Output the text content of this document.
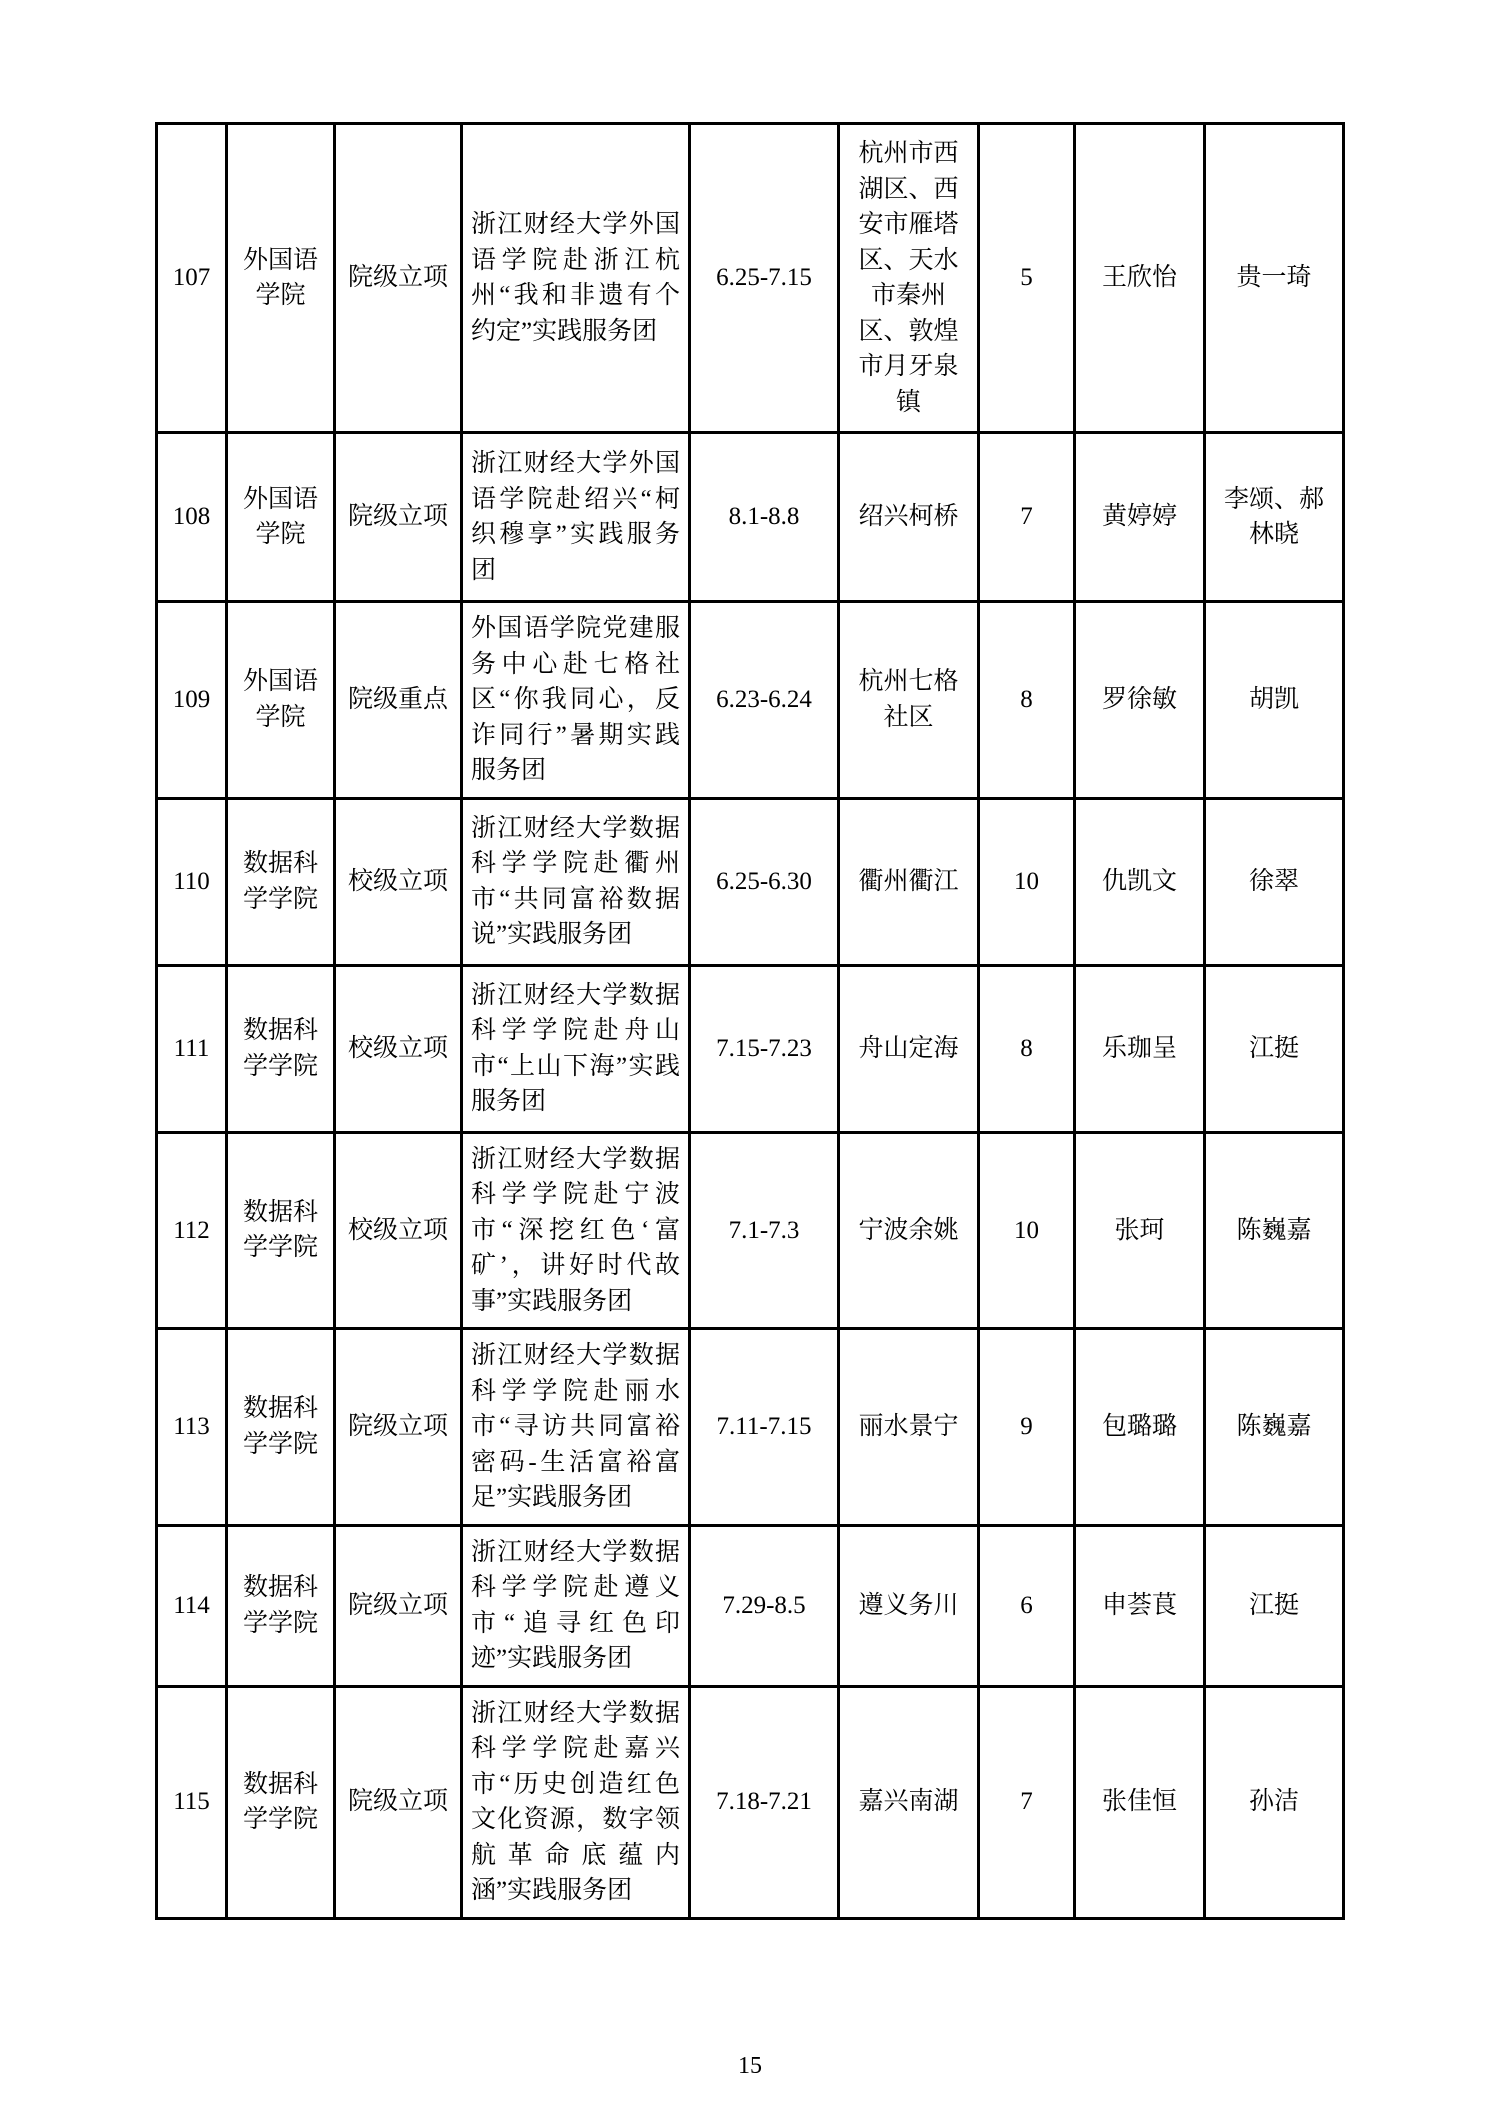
107	外国语学院	院级立项	浙江财经大学外国语学院赴浙江杭州“我和非遗有个约定”实践服务团	6.25-7.15	杭州市西湖区、西安市雁塔区、天水市秦州区、敦煌市月牙泉镇	5	王欣怡	贵一琦
108	外国语学院	院级立项	浙江财经大学外国语学院赴绍兴“柯织穆享”实践服务团	8.1-8.8	绍兴柯桥	7	黄婷婷	李颂、郝林晓
109	外国语学院	院级重点	外国语学院党建服务中心赴七格社区“你我同心，反诈同行”暑期实践服务团	6.23-6.24	杭州七格社区	8	罗徐敏	胡凯
110	数据科学学院	校级立项	浙江财经大学数据科学学院赴衢州市“共同富裕数据说”实践服务团	6.25-6.30	衢州衢江	10	仇凯文	徐翠
111	数据科学学院	校级立项	浙江财经大学数据科学学院赴舟山市“上山下海”实践服务团	7.15-7.23	舟山定海	8	乐珈呈	江挺
112	数据科学学院	校级立项	浙江财经大学数据科学学院赴宁波市“深挖红色‘富矿’，讲好时代故事”实践服务团	7.1-7.3	宁波余姚	10	张珂	陈巍嘉
113	数据科学学院	院级立项	浙江财经大学数据科学学院赴丽水市“寻访共同富裕密码-生活富裕富足”实践服务团	7.11-7.15	丽水景宁	9	包璐璐	陈巍嘉
114	数据科学学院	院级立项	浙江财经大学数据科学学院赴遵义市“追寻红色印迹”实践服务团	7.29-8.5	遵义务川	6	申荟茛	江挺
115	数据科学学院	院级立项	浙江财经大学数据科学学院赴嘉兴市“历史创造红色文化资源，数字领航革命底蕴内涵”实践服务团	7.18-7.21	嘉兴南湖	7	张佳恒	孙洁
15
